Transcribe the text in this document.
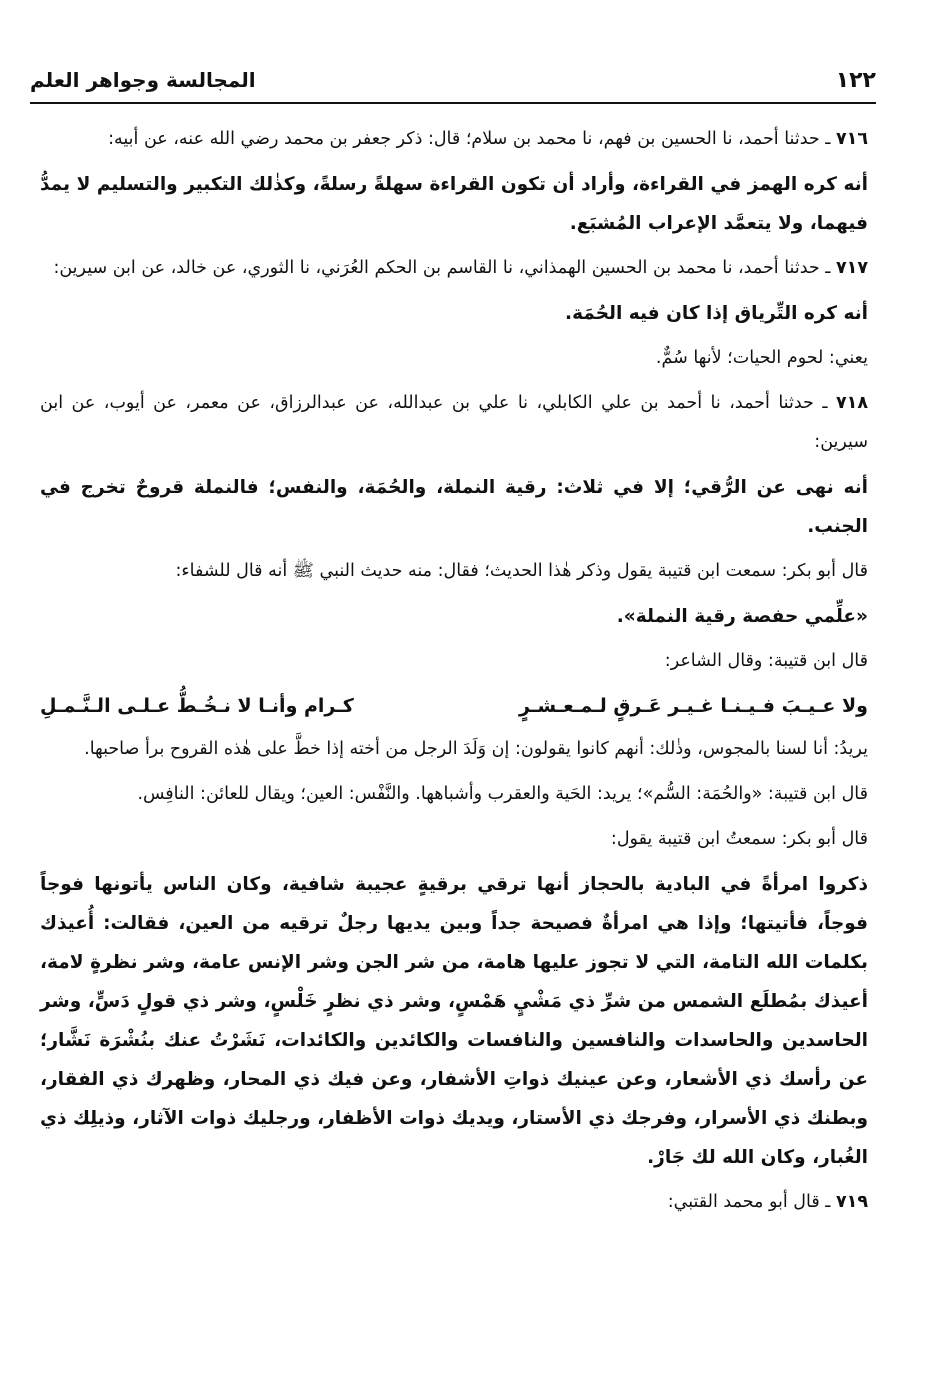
١٢٢
المجالسة وجواهر العلم

٧١٦ ـ حدثنا أحمد، نا الحسين بن فهم، نا محمد بن سلام؛ قال: ذكر جعفر بن محمد رضي الله عنه، عن أبيه:

أنه كره الهمز في القراءة، وأراد أن تكون القراءة سهلةً رسلةً، وكذٰلك التكبير والتسليم لا يمدُّ فيهما، ولا يتعمَّد الإعراب المُشبَع.

٧١٧ ـ حدثنا أحمد، نا محمد بن الحسين الهمذاني، نا القاسم بن الحكم العُرَني، نا الثوري، عن خالد، عن ابن سيرين:

أنه كره التِّرياق إذا كان فيه الحُمَة.

يعني: لحوم الحيات؛ لأنها سُمٌّ.

٧١٨ ـ حدثنا أحمد، نا أحمد بن علي الكابلي، نا علي بن عبدالله، عن عبدالرزاق، عن معمر، عن أيوب، عن ابن سيرين:

أنه نهى عن الرُّقي؛ إلا في ثلاث: رقية النملة، والحُمَة، والنفس؛ فالنملة قروحٌ تخرج في الجنب.

قال أبو بكر: سمعت ابن قتيبة يقول وذكر هٰذا الحديث؛ فقال: منه حديث النبي ﷺ أنه قال للشفاء:

«علِّمي حفصة رقية النملة».

قال ابن قتيبة: وقال الشاعر:

ولا عـيـبَ فـيـنـا غـيـر عَـرقٍ لـمـعـشـرٍ
كـرام وأنـا لا نـخُـطُّ عـلـى الـنَّـمـلِ

يريدُ: أنا لسنا بالمجوس، وذٰلك: أنهم كانوا يقولون: إن وَلَدَ الرجل من أخته إذا خطَّ على هٰذه القروح برأ صاحبها.

قال ابن قتيبة: «والحُمَة: السُّم»؛ يريد: الحَية والعقرب وأشباهها. والنَّفْس: العين؛ ويقال للعائن: النافِس.

قال أبو بكر: سمعتُ ابن قتيبة يقول:

ذكروا امرأةً في البادية بالحجاز أنها ترقي برقيةٍ عجيبة شافية، وكان الناس يأتونها فوجاً فوجاً، فأتيتها؛ وإذا هي امرأةٌ فصيحة جداً وبين يديها رجلٌ ترقيه من العين، فقالت: أُعيذك بكلمات الله التامة، التي لا تجوز عليها هامة، من شر الجن وشر الإنس عامة، وشر نظرةٍ لامة، أعيذك بمُطلَع الشمس من شرِّ ذي مَشْيٍ هَمْسٍ، وشر ذي نظرٍ خَلْسٍ، وشر ذي قولٍ دَسٍّ، وشر الحاسدين والحاسدات والنافسين والنافسات والكائدين والكائدات، نَشَرْتُ عنك بنُشْرَة نَشَّار؛ عن رأسك ذي الأشعار، وعن عينيك ذواتِ الأشفار، وعن فيك ذي المحار، وظهرك ذي الفقار، وبطنك ذي الأسرار، وفرجك ذي الأستار، ويديك ذوات الأظفار، ورجليك ذوات الآثار، وذيلِك ذي الغُبار، وكان الله لك جَارْ.

٧١٩ ـ قال أبو محمد القتبي:
